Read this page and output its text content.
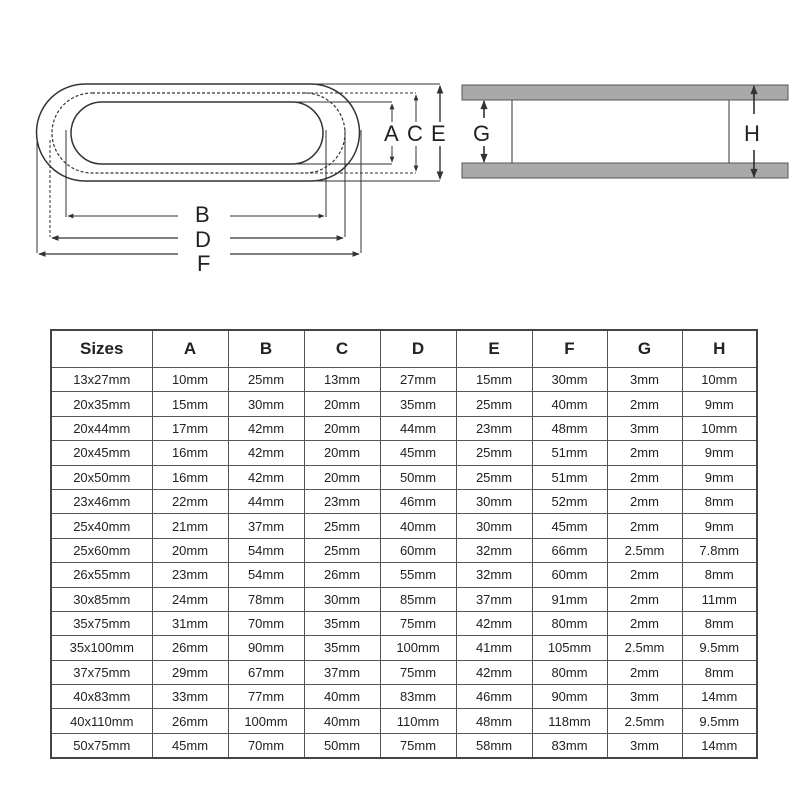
A C E
B
D
F
G	H
Sizes	A	B	C	D	E	F	G	H
13x27mm	10mm	25mm	13mm	27mm	15mm	30mm	3mm	10mm
20x35mm	15mm	30mm	20mm	35mm	25mm	40mm	2mm	9mm
20x44mm	17mm	42mm	20mm	44mm	23mm	48mm	3mm	10mm
20x45mm	16mm	42mm	20mm	45mm	25mm	51mm	2mm	9mm
20x50mm	16mm	42mm	20mm	50mm	25mm	51mm	2mm	9mm
23x46mm	22mm	44mm	23mm	46mm	30mm	52mm	2mm	8mm
25x40mm	21mm	37mm	25mm	40mm	30mm	45mm	2mm	9mm
25x60mm	20mm	54mm	25mm	60mm	32mm	66mm	2.5mm	7.8mm
26x55mm	23mm	54mm	26mm	55mm	32mm	60mm	2mm	8mm
30x85mm	24mm	78mm	30mm	85mm	37mm	91mm	2mm	11mm
35x75mm	31mm	70mm	35mm	75mm	42mm	80mm	2mm	8mm
35x100mm	26mm	90mm	35mm	100mm	41mm	105mm	2.5mm	9.5mm
37x75mm	29mm	67mm	37mm	75mm	42mm	80mm	2mm	8mm
40x83mm	33mm	77mm	40mm	83mm	46mm	90mm	3mm	14mm
40x110mm	26mm	100mm	40mm	110mm	48mm	118mm	2.5mm	9.5mm
50x75mm	45mm	70mm	50mm	75mm	58mm	83mm	3mm	14mm
